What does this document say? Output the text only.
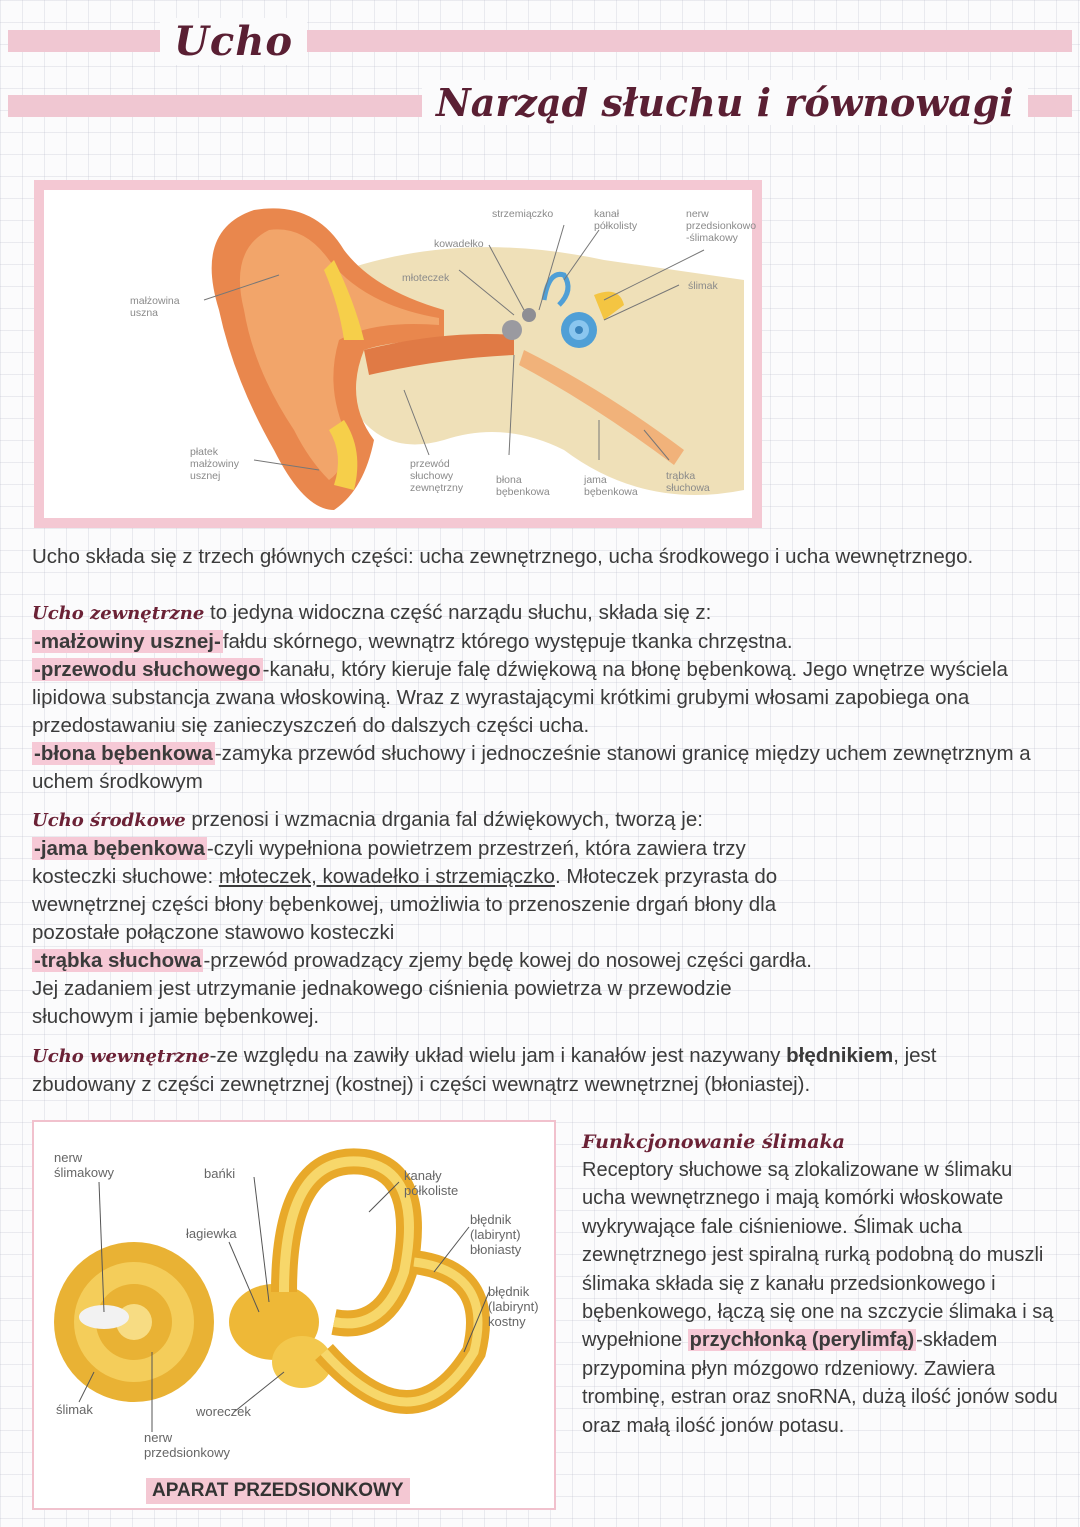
Ucho
Narząd słuchu i równowagi
małżowina
uszna
płatek
małżowiny
usznej
młoteczek
kowadełko
strzemiączko	kanał
półkolisty
nerw
przedsionkowo
-ślimakowy
ślimak
przewód
słuchowy
zewnętrzny
błona
bębenkowa
jama
bębenkowa
trąbka
słuchowa
Ucho składa się z trzech głównych części: ucha zewnętrznego, ucha środkowego i ucha wewnętrznego.
Ucho zewnętrzne to jedyna widoczna część narządu słuchu, składa się z:
-małżowiny usznej-fałdu skórnego, wewnątrz którego występuje tkanka chrzęstna.
-przewodu słuchowego-kanału, który kieruje falę dźwiękową na błonę bębenkową. Jego wnętrze wyściela lipidowa substancja zwana włoskowiną. Wraz z wyrastającymi krótkimi grubymi włosami zapobiega ona przedostawaniu się zanieczyszczeń do dalszych części ucha.
-błona bębenkowa-zamyka przewód słuchowy i jednocześnie stanowi granicę między uchem zewnętrznym a uchem środkowym
Ucho środkowe przenosi i wzmacnia drgania fal dźwiękowych, tworzą je:
-jama bębenkowa-czyli wypełniona powietrzem przestrzeń, która zawiera trzy kosteczki słuchowe: młoteczek, kowadełko i strzemiączko. Młoteczek przyrasta do wewnętrznej części błony bębenkowej, umożliwia to przenoszenie drgań błony dla pozostałe połączone stawowo kosteczki
-trąbka słuchowa-przewód prowadzący zjemy będę kowej do nosowej części gardła. Jej zadaniem jest utrzymanie jednakowego ciśnienia powietrza w przewodzie słuchowym i jamie bębenkowej.
Ucho wewnętrzne-ze względu na zawiły układ wielu jam i kanałów jest nazywany błędnikiem, jest zbudowany z części zewnętrznej (kostnej) i części wewnątrz wewnętrznej (błoniastej).
nerw
ślimakowy	bańki
łagiewka
kanały
półkoliste
błędnik
(labirynt)
błoniasty
błędnik
(labirynt)
kostny
ślimak	woreczek
nerw
przedsionkowy
APARAT PRZEDSIONKOWY
Funkcjonowanie ślimaka
Receptory słuchowe są zlokalizowane w ślimaku ucha wewnętrznego i mają komórki włoskowate wykrywające fale ciśnieniowe. Ślimak ucha zewnętrznego jest spiralną rurką podobną do muszli ślimaka składa się z kanału przedsionkowego i bębenkowego, łączą się one na szczycie ślimaka i są wypełnione przychłonką (perylimfą) -składem przypomina płyn mózgowo rdzeniowy. Zawiera trombinę, estran oraz snoRNA, dużą ilość jonów sodu oraz małą ilość jonów potasu.
